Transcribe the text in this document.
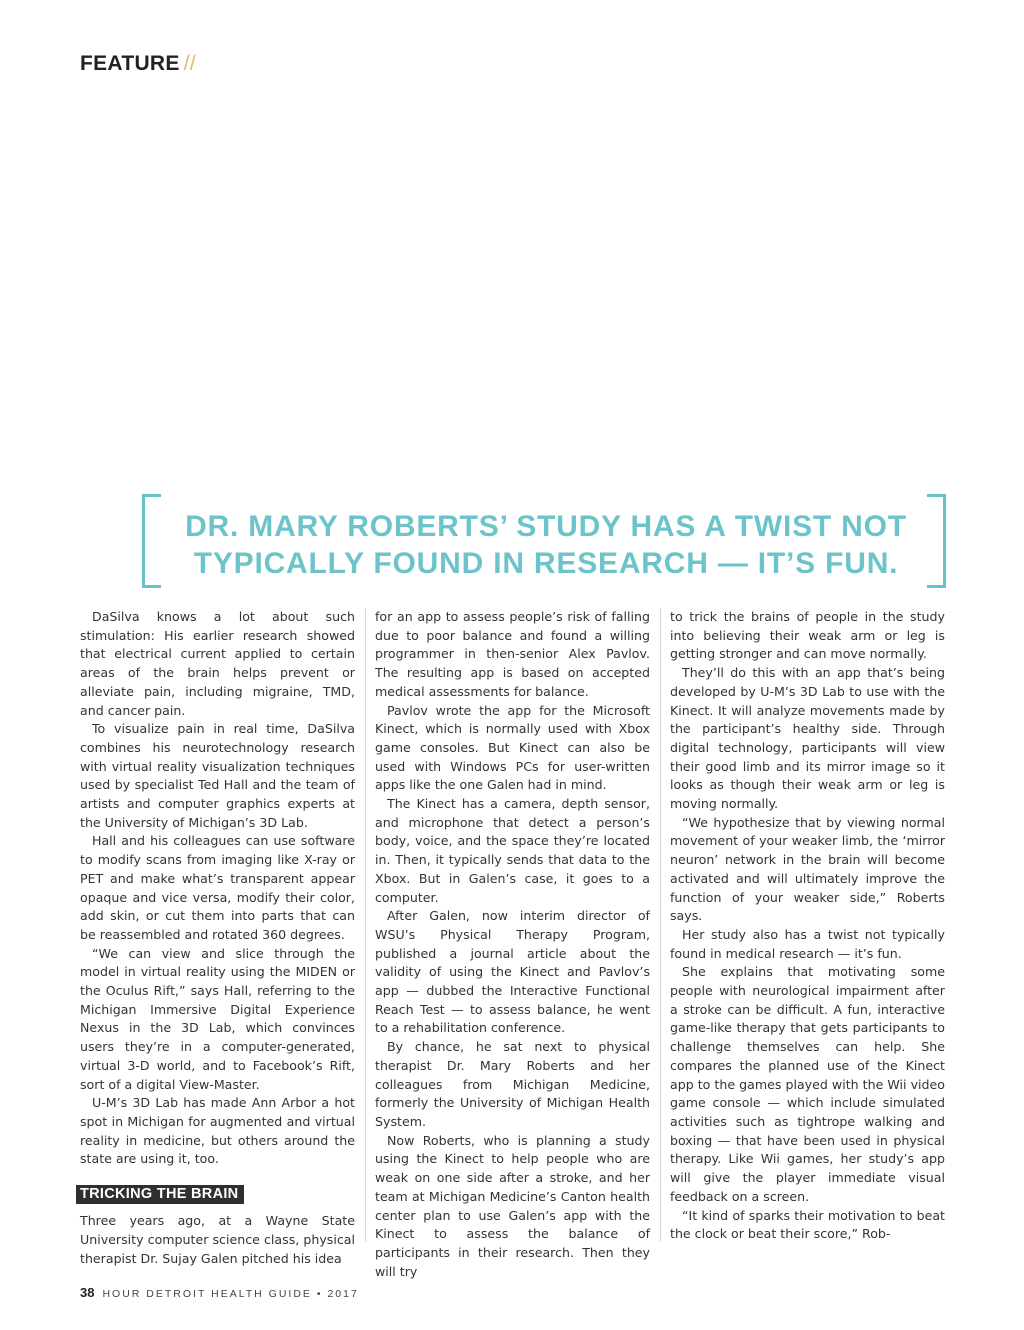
FEATURE //
DR. MARY ROBERTS’ STUDY HAS A TWIST NOT
TYPICALLY FOUND IN RESEARCH — IT’S FUN.

DaSilva knows a lot about such stimulation: His earlier research showed that electrical current applied to certain areas of the brain helps prevent or alleviate pain, including migraine, TMD, and cancer pain.

To visualize pain in real time, DaSilva combines his neurotechnology research with virtual reality visualization techniques used by specialist Ted Hall and the team of artists and computer graphics experts at the University of Michigan’s 3D Lab.

Hall and his colleagues can use software to modify scans from imaging like X-ray or PET and make what’s transparent appear opaque and vice versa, modify their color, add skin, or cut them into parts that can be reassembled and rotated 360 degrees.

“We can view and slice through the model in virtual reality using the MIDEN or the Oculus Rift,” says Hall, referring to the Michigan Immersive Digital Experience Nexus in the 3D Lab, which convinces users they’re in a computer-generated, virtual 3-D world, and to Facebook’s Rift, sort of a digital View-Master.

U-M’s 3D Lab has made Ann Arbor a hot spot in Michigan for augmented and virtual reality in medicine, but others around the state are using it, too.

TRICKING THE BRAIN

Three years ago, at a Wayne State University computer science class, physical therapist Dr. Sujay Galen pitched his idea

for an app to assess people’s risk of falling due to poor balance and found a willing programmer in then-senior Alex Pavlov. The resulting app is based on accepted medical assessments for balance.

Pavlov wrote the app for the Microsoft Kinect, which is normally used with Xbox game consoles. But Kinect can also be used with Windows PCs for user-written apps like the one Galen had in mind.

The Kinect has a camera, depth sensor, and microphone that detect a person’s body, voice, and the space they’re located in. Then, it typically sends that data to the Xbox. But in Galen’s case, it goes to a computer.

After Galen, now interim director of WSU’s Physical Therapy Program, published a journal article about the validity of using the Kinect and Pavlov’s app — dubbed the Interactive Functional Reach Test — to assess balance, he went to a rehabilitation conference.

By chance, he sat next to physical therapist Dr. Mary Roberts and her colleagues from Michigan Medicine, formerly the University of Michigan Health System.

Now Roberts, who is planning a study using the Kinect to help people who are weak on one side after a stroke, and her team at Michigan Medicine’s Canton health center plan to use Galen’s app with the Kinect to assess the balance of participants in their research. Then they will try

to trick the brains of people in the study into believing their weak arm or leg is getting stronger and can move normally.

They’ll do this with an app that’s being developed by U-M’s 3D Lab to use with the Kinect. It will analyze movements made by the participant’s healthy side. Through digital technology, participants will view their good limb and its mirror image so it looks as though their weak arm or leg is moving normally.

“We hypothesize that by viewing normal movement of your weaker limb, the ‘mirror neuron’ network in the brain will become activated and will ultimately improve the function of your weaker side,” Roberts says.

Her study also has a twist not typically found in medical research — it’s fun.

She explains that motivating some people with neurological impairment after a stroke can be difficult. A fun, interactive game-like therapy that gets participants to challenge themselves can help. She compares the planned use of the Kinect app to the games played with the Wii video game console — which include simulated activities such as tightrope walking and boxing — that have been used in physical therapy. Like Wii games, her study’s app will give the player immediate visual feedback on a screen.

“It kind of sparks their motivation to beat the clock or beat their score,” Rob-

38 HOUR DETROIT HEALTH GUIDE • 2017
